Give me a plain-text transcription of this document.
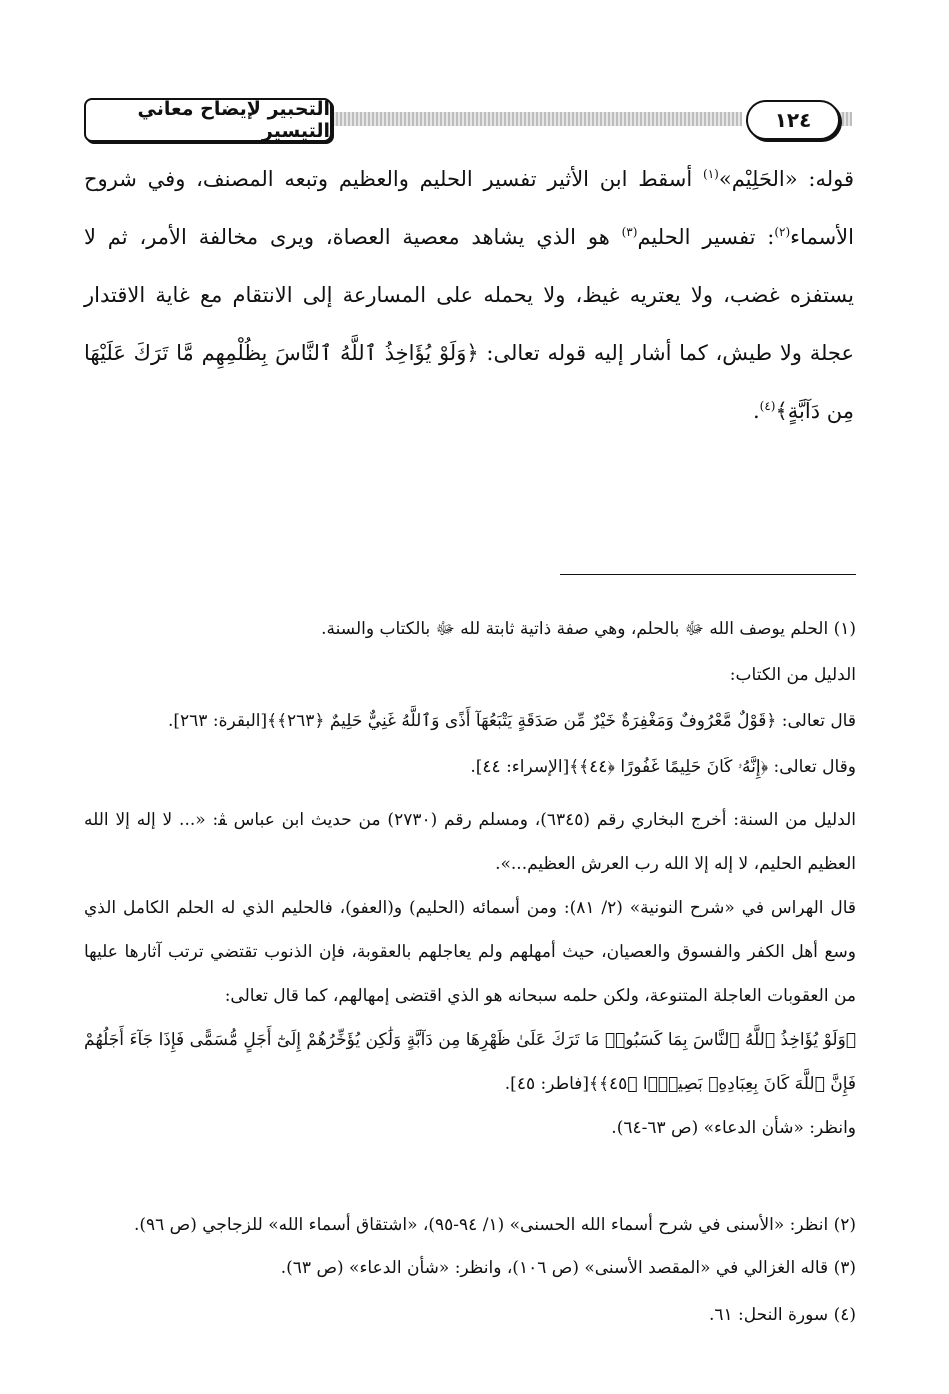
التحبير لإيضاح معاني التيسير	١٢٤

قوله: «الحَلِيْم»$^{(١)}$ أسقط ابن الأثير تفسير الحليم والعظيم وتبعه المصنف، وفي شروح الأسماء$^{(٢)}$: تفسير الحليم$^{(٣)}$ هو الذي يشاهد معصية العصاة، ويرى مخالفة الأمر، ثم لا يستفزه غضب، ولا يعتريه غيظ، ولا يحمله على المسارعة إلى الانتقام مع غاية الاقتدار عجلة ولا طيش، كما أشار إليه قوله تعالى: ﴿وَلَوْ يُؤَاخِذُ ٱللَّهُ ٱلنَّاسَ بِظُلْمِهِم مَّا تَرَكَ عَلَيْهَا مِن دَآبَّةٍ﴾$^{(٤)}$.

(١) الحلم يوصف الله ﷻ بالحلم، وهي صفة ذاتية ثابتة لله ﷻ بالكتاب والسنة.

الدليل من الكتاب:

قال تعالى: ﴿قَوْلٌ مَّعْرُوفٌ وَمَغْفِرَةٌ خَيْرٌ مِّن صَدَقَةٍ يَتْبَعُهَآ أَذًى وَٱللَّهُ غَنِيٌّ حَلِيمٌ ﴿٢٦٣﴾﴾[البقرة: ٢٦٣].

وقال تعالى: ﴿إِنَّهُۥ كَانَ حَلِيمًا غَفُورًا ﴿٤٤﴾﴾[الإسراء: ٤٤].

الدليل من السنة: أخرج البخاري رقم (٦٣٤٥)، ومسلم رقم (٢٧٣٠) من حديث ابن عباس ﭭ: «... لا إله إلا الله العظيم الحليم، لا إله إلا الله رب العرش العظيم...».

قال الهراس في «شرح النونية» (٢/ ٨١): ومن أسمائه (الحليم) و(العفو)، فالحليم الذي له الحلم الكامل الذي وسع أهل الكفر والفسوق والعصيان، حيث أمهلهم ولم يعاجلهم بالعقوبة، فإن الذنوب تقتضي ترتب آثارها عليها من العقوبات العاجلة المتنوعة، ولكن حلمه سبحانه هو الذي اقتضى إمهالهم، كما قال تعالى:

﴿وَلَوْ يُؤَاخِذُ ٱللَّهُ ٱلنَّاسَ بِمَا كَسَبُوا۟ مَا تَرَكَ عَلَىٰ ظَهْرِهَا مِن دَآبَّةٍ وَلَٰكِن يُؤَخِّرُهُمْ إِلَىٰٓ أَجَلٍ مُّسَمًّى فَإِذَا جَآءَ أَجَلُهُمْ فَإِنَّ ٱللَّهَ كَانَ بِعِبَادِهِۦ بَصِيرًۢا ﴿٤٥﴾﴾[فاطر: ٤٥].

وانظر: «شأن الدعاء» (ص ٦٣-٦٤).

(٢) انظر: «الأسنى في شرح أسماء الله الحسنى» (١/ ٩٤-٩٥)، «اشتقاق أسماء الله» للزجاجي (ص ٩٦).

(٣) قاله الغزالي في «المقصد الأسنى» (ص ١٠٦)، وانظر: «شأن الدعاء» (ص ٦٣).

(٤) سورة النحل: ٦١.
